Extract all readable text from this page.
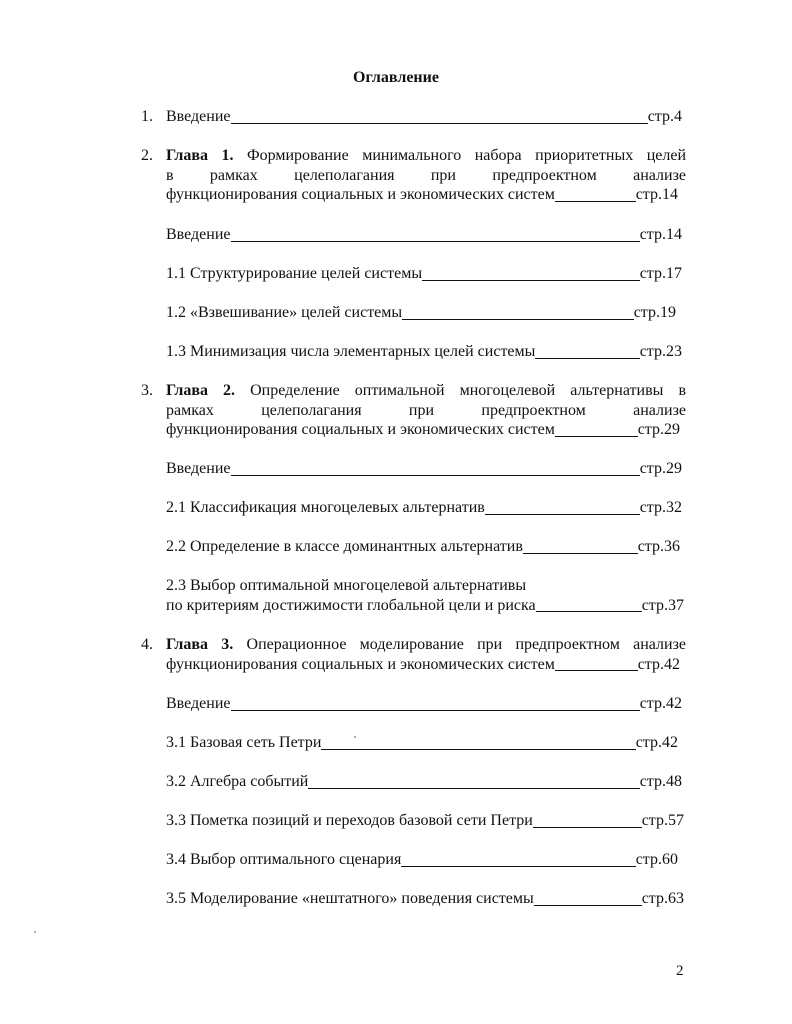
Оглавление
1. Введение	стр.4
2. Глава 1. Формирование минимального набора приоритетных целей
в рамках целеполагания при предпроектном анализе
функционирования социальных и экономических систем	стр.14
Введение	стр.14
1.1 Структурирование целей системы	стр.17
1.2 «Взвешивание» целей системы	стр.19
1.3 Минимизация числа элементарных целей системы	стр.23
3. Глава 2. Определение оптимальной многоцелевой альтернативы в
рамках целеполагания при предпроектном анализе
функционирования социальных и экономических систем	стр.29
Введение	стр.29
2.1 Классификация многоцелевых альтернатив	стр.32
2.2 Определение в классе доминантных альтернатив	стр.36
2.3 Выбор оптимальной многоцелевой альтернативы
по критериям достижимости глобальной цели и риска	стр.37
4. Глава 3. Операционное моделирование при предпроектном анализе
функционирования социальных и экономических систем	стр.42
Введение	стр.42
3.1 Базовая сеть Петри	стр.42
3.2 Алгебра событий	стр.48
3.3 Пометка позиций и переходов базовой сети Петри	стр.57
3.4 Выбор оптимального сценария	стр.60
3.5 Моделирование «нештатного» поведения системы	стр.63
2
